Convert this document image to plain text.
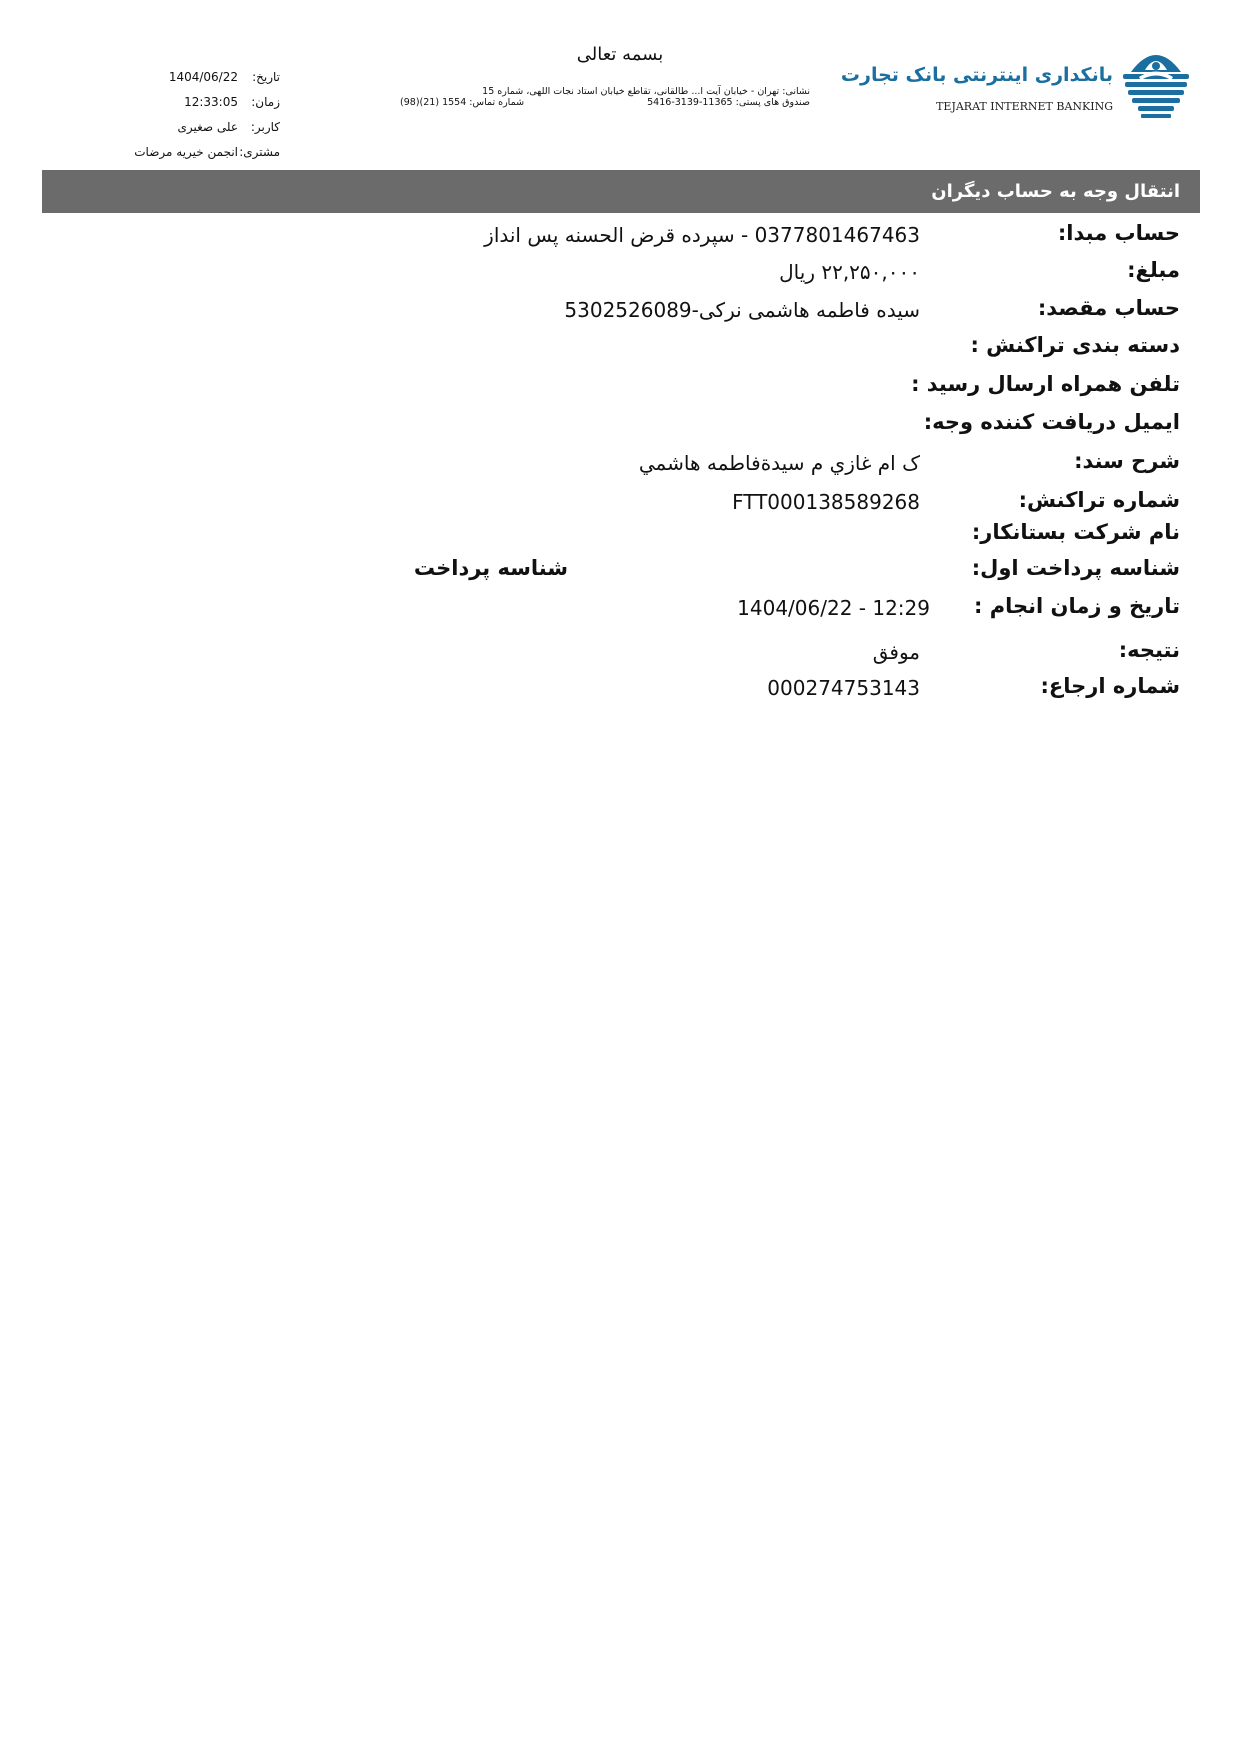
بسمه تعالی
نشانی: تهران - خیابان آیت ا... طالقانی، تقاطع خیابان استاد نجات اللهی، شماره 15
صندوق های پستی: 11365-3139-5416
شماره تماس: 1554 (21)(98)
تاریخ:
1404/06/22
زمان:
12:33:05
کاربر:
علی صغیری
مشتری:
انجمن خیریه مرضات
بانکداری اینترنتی بانک تجارت
TEJARAT INTERNET BANKING
انتقال وجه به حساب دیگران
حساب مبدا:
0377801467463 - سپرده قرض الحسنه پس انداز
مبلغ:
۲۲,۲۵۰,۰۰۰ ریال
حساب مقصد:
سیده فاطمه هاشمی نرکی-5302526089
دسته بندی تراکنش :
تلفن همراه ارسال رسید :
ایمیل دریافت کننده وجه:
شرح سند:
ک ام غازي م سيدةفاطمه هاشمي
شماره تراکنش:
FTT000138589268
نام شرکت بستانکار:
شناسه پرداخت اول:
شناسه پرداخت
تاریخ و زمان انجام :
1404/06/22 - 12:29
نتیجه:
موفق
شماره ارجاع:
000274753143
